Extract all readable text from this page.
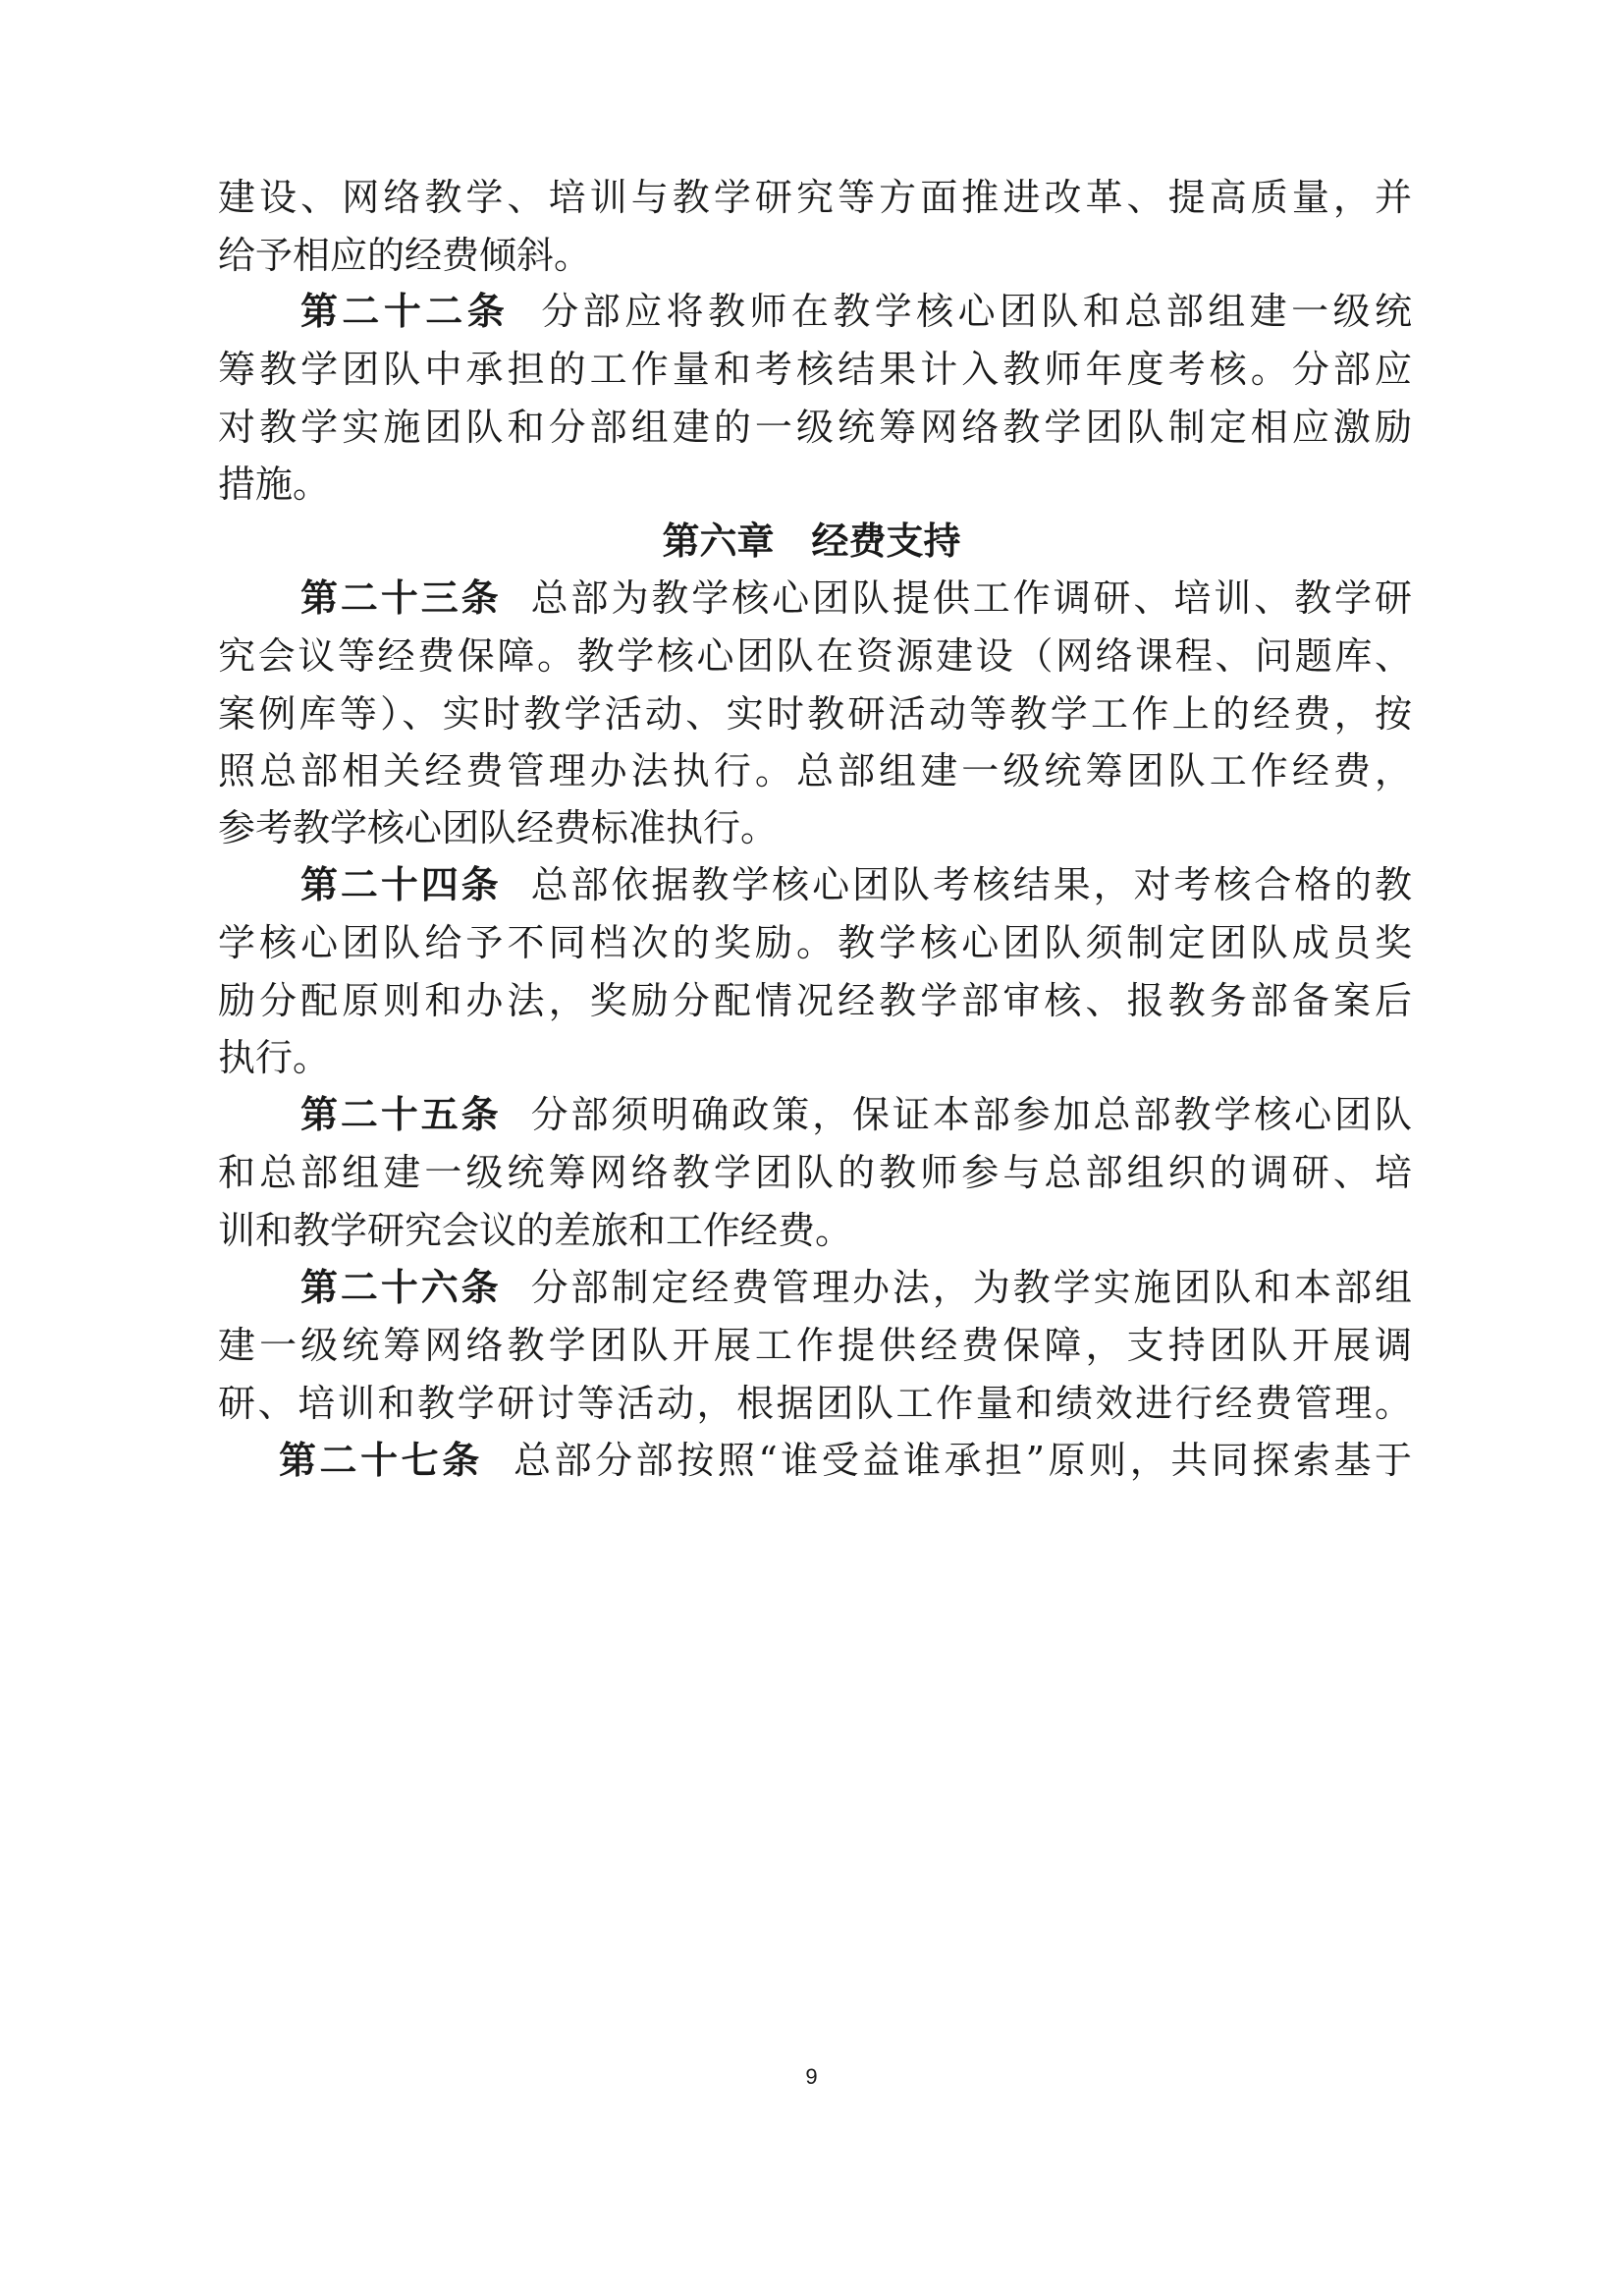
建设、网络教学、培训与教学研究等方面推进改革、提高质量，并
给予相应的经费倾斜。
第二十二条 分部应将教师在教学核心团队和总部组建一级统
筹教学团队中承担的工作量和考核结果计入教师年度考核。分部应
对教学实施团队和分部组建的一级统筹网络教学团队制定相应激励
措施。
第六章 经费支持
第二十三条 总部为教学核心团队提供工作调研、培训、教学研
究会议等经费保障。教学核心团队在资源建设（网络课程、问题库、
案例库等）、实时教学活动、实时教研活动等教学工作上的经费，按
照总部相关经费管理办法执行。总部组建一级统筹团队工作经费，
参考教学核心团队经费标准执行。
第二十四条 总部依据教学核心团队考核结果，对考核合格的教
学核心团队给予不同档次的奖励。教学核心团队须制定团队成员奖
励分配原则和办法，奖励分配情况经教学部审核、报教务部备案后
执行。
第二十五条 分部须明确政策，保证本部参加总部教学核心团队
和总部组建一级统筹网络教学团队的教师参与总部组织的调研、培
训和教学研究会议的差旅和工作经费。
第二十六条 分部制定经费管理办法，为教学实施团队和本部组
建一级统筹网络教学团队开展工作提供经费保障，支持团队开展调
研、培训和教学研讨等活动，根据团队工作量和绩效进行经费管理。
第二十七条 总部分部按照“谁受益谁承担”原则，共同探索基于
9
